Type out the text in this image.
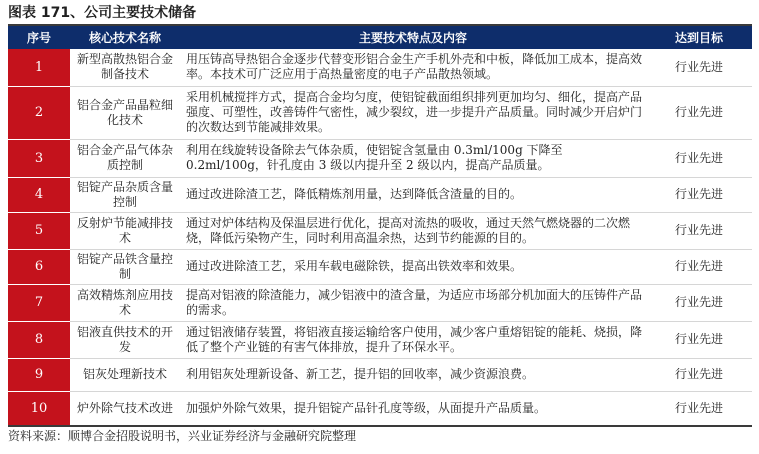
图表 171、公司主要技术储备
序号	核心技术名称	主要技术特点及内容	达到目标
1	新型高散热铝合金制备技术	用压铸高导热铝合金逐步代替变形铝合金生产手机外壳和中板，降低加工成本，提高效率。本技术可广泛应用于高热量密度的电子产品散热领域。	行业先进
2	铝合金产品晶粒细化技术	采用机械搅拌方式，提高合金均匀度，使铝锭截面组织排列更加均匀、细化，提高产品强度、可塑性，改善铸件气密性，减少裂纹，进一步提升产品质量。同时减少开启炉门的次数达到节能减排效果。	行业先进
3	铝合金产品气体杂质控制	利用在线旋转设备除去气体杂质，使铝锭含氢量由 0.3ml/100g 下降至 0.2ml/100g，针孔度由 3 级以内提升至 2 级以内，提高产品质量。	行业先进
4	铝锭产品杂质含量控制	通过改进除渣工艺，降低精炼剂用量，达到降低含渣量的目的。	行业先进
5	反射炉节能减排技术	通过对炉体结构及保温层进行优化，提高对流热的吸收，通过天然气燃烧器的二次燃烧，降低污染物产生，同时利用高温余热，达到节约能源的目的。	行业先进
6	铝锭产品铁含量控制	通过改进除渣工艺，采用车载电磁除铁，提高出铁效率和效果。	行业先进
7	高效精炼剂应用技术	提高对铝液的除渣能力，减少铝液中的渣含量，为适应市场部分机加面大的压铸件产品的需求。	行业先进
8	铝液直供技术的开发	通过铝液储存装置，将铝液直接运输给客户使用，减少客户重熔铝锭的能耗、烧损，降低了整个产业链的有害气体排放，提升了环保水平。	行业先进
9	铝灰处理新技术	利用铝灰处理新设备、新工艺，提升铝的回收率，减少资源浪费。	行业先进
10	炉外除气技术改进	加强炉外除气效果，提升铝锭产品针孔度等级，从面提升产品质量。	行业先进
资料来源：顺博合金招股说明书，兴业证券经济与金融研究院整理
